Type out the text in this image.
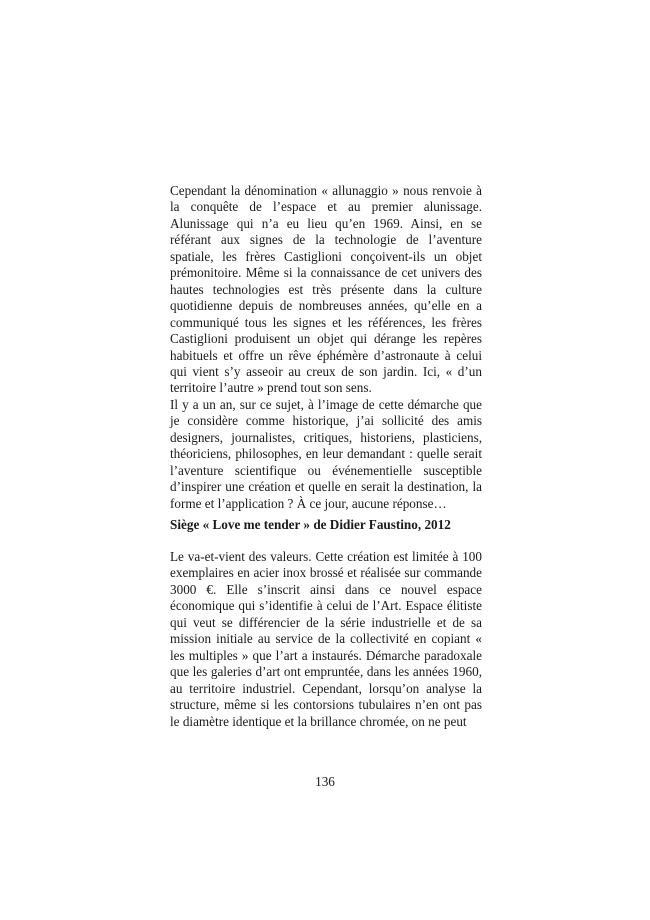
Cependant la dénomination « allunaggio » nous renvoie à la conquête de l’espace et au premier alunissage. Alunissage qui n’a eu lieu qu’en 1969. Ainsi, en se référant aux signes de la technologie de l’aventure spatiale, les frères Castiglioni conçoivent-ils un objet prémonitoire. Même si la connaissance de cet univers des hautes technologies est très présente dans la culture quotidienne depuis de nombreuses années, qu’elle en a communiqué tous les signes et les références, les frères Castiglioni produisent un objet qui dérange les repères habituels et offre un rêve éphémère d’astronaute à celui qui vient s’y asseoir au creux de son jardin. Ici, « d’un territoire l’autre » prend tout son sens.

Il y a un an, sur ce sujet, à l’image de cette démarche que je considère comme historique, j’ai sollicité des amis designers, journalistes, critiques, historiens, plasticiens, théoriciens, philosophes, en leur demandant : quelle serait l’aventure scientifique ou événementielle susceptible d’inspirer une création et quelle en serait la destination, la forme et l’application ? À ce jour, aucune réponse…

Siège « Love me tender » de Didier Faustino, 2012

Le va-et-vient des valeurs. Cette création est limitée à 100 exemplaires en acier inox brossé et réalisée sur commande 3000 €. Elle s’inscrit ainsi dans ce nouvel espace économique qui s’identifie à celui de l’Art. Espace élitiste qui veut se différencier de la série industrielle et de sa mission initiale au service de la collectivité en copiant « les multiples » que l’art a instaurés. Démarche paradoxale que les galeries d’art ont empruntée, dans les années 1960, au territoire industriel. Cependant, lorsqu’on analyse la structure, même si les contorsions tubulaires n’en ont pas le diamètre identique et la brillance chromée, on ne peut

136
